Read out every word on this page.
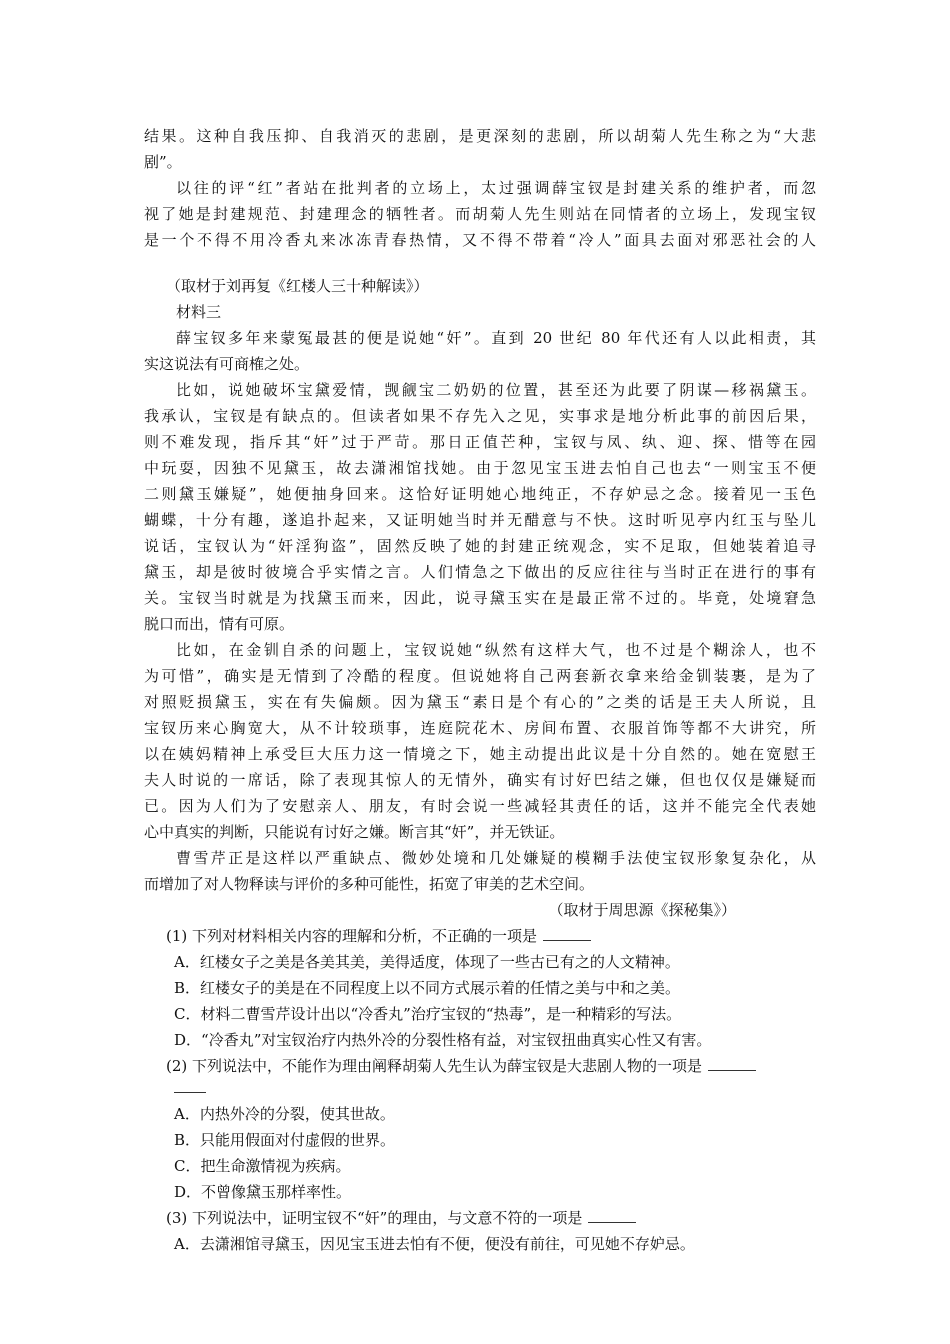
结果。这种自我压抑、自我消灭的悲剧，是更深刻的悲剧，所以胡菊人先生称之为“大悲
剧”。
以往的评“红”者站在批判者的立场上，太过强调薛宝钗是封建关系的维护者，而忽
视了她是封建规范、封建理念的牺牲者。而胡菊人先生则站在同情者的立场上，发现宝钗
是一个不得不用冷香丸来冰冻青春热情，又不得不带着“冷人”面具去面对邪恶社会的人
（取材于刘再复《红楼人三十种解读》）
材料三
薛宝钗多年来蒙冤最甚的便是说她“奸”。直到 20 世纪 80 年代还有人以此相责，其
实这说法有可商榷之处。
比如，说她破坏宝黛爱情，觊觎宝二奶奶的位置，甚至还为此要了阴谋—移祸黛玉。
我承认，宝钗是有缺点的。但读者如果不存先入之见，实事求是地分析此事的前因后果，
则不难发现，指斥其“奸”过于严苛。那日正值芒种，宝钗与凤、纨、迎、探、惜等在园
中玩耍，因独不见黛玉，故去潇湘馆找她。由于忽见宝玉进去怕自己也去“一则宝玉不便
二则黛玉嫌疑”，她便抽身回来。这恰好证明她心地纯正，不存妒忌之念。接着见一玉色
蝴蝶，十分有趣，遂追扑起来，又证明她当时并无醋意与不快。这时听见亭内红玉与坠儿
说话，宝钗认为“奸淫狗盗”，固然反映了她的封建正统观念，实不足取，但她装着追寻
黛玉，却是彼时彼境合乎实情之言。人们情急之下做出的反应往往与当时正在进行的事有
关。宝钗当时就是为找黛玉而来，因此，说寻黛玉实在是最正常不过的。毕竟，处境窘急
脱口而出，情有可原。
比如，在金钏自杀的问题上，宝钗说她“纵然有这样大气，也不过是个糊涂人，也不
为可惜”，确实是无情到了冷酷的程度。但说她将自己两套新衣拿来给金钏装裹，是为了
对照贬损黛玉，实在有失偏颇。因为黛玉“素日是个有心的”之类的话是王夫人所说，且
宝钗历来心胸宽大，从不计较琐事，连庭院花木、房间布置、衣服首饰等都不大讲究，所
以在姨妈精神上承受巨大压力这一情境之下，她主动提出此议是十分自然的。她在宽慰王
夫人时说的一席话，除了表现其惊人的无情外，确实有讨好巴结之嫌，但也仅仅是嫌疑而
已。因为人们为了安慰亲人、朋友，有时会说一些减轻其责任的话，这并不能完全代表她
心中真实的判断，只能说有讨好之嫌。断言其“奸”，并无铁证。
曹雪芹正是这样以严重缺点、微妙处境和几处嫌疑的模糊手法使宝钗形象复杂化，从
而增加了对人物释读与评价的多种可能性，拓宽了审美的艺术空间。
（取材于周思源《探秘集》）
(1) 下列对材料相关内容的理解和分析，不正确的一项是
A．红楼女子之美是各美其美，美得适度，体现了一些古已有之的人文精神。
B．红楼女子的美是在不同程度上以不同方式展示着的任情之美与中和之美。
C．材料二曹雪芹设计出以“冷香丸”治疗宝钗的“热毒”，是一种精彩的写法。
D．“冷香丸”对宝钗治疗内热外冷的分裂性格有益，对宝钗扭曲真实心性又有害。
(2) 下列说法中，不能作为理由阐释胡菊人先生认为薛宝钗是大悲剧人物的一项是
A．内热外冷的分裂，使其世故。
B．只能用假面对付虚假的世界。
C．把生命激情视为疾病。
D．不曾像黛玉那样率性。
(3) 下列说法中，证明宝钗不“奸”的理由，与文意不符的一项是
A．去潇湘馆寻黛玉，因见宝玉进去怕有不便，便没有前往，可见她不存妒忌。
